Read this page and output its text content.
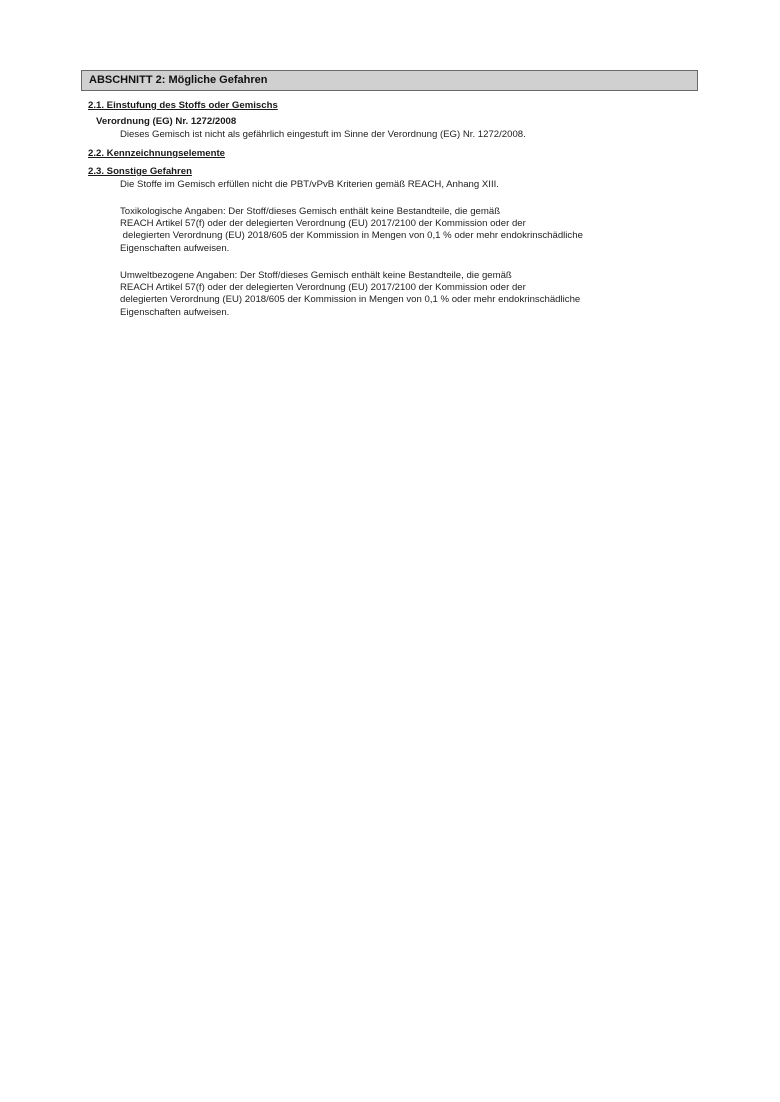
ABSCHNITT 2: Mögliche Gefahren
2.1. Einstufung des Stoffs oder Gemischs
Verordnung (EG) Nr. 1272/2008
Dieses Gemisch ist nicht als gefährlich eingestuft im Sinne der Verordnung (EG) Nr. 1272/2008.
2.2. Kennzeichnungselemente
2.3. Sonstige Gefahren
Die Stoffe im Gemisch erfüllen nicht die PBT/vPvB Kriterien gemäß REACH, Anhang XIII.
Toxikologische Angaben: Der Stoff/dieses Gemisch enthält keine Bestandteile, die gemäß
REACH Artikel 57(f) oder der delegierten Verordnung (EU) 2017/2100 der Kommission oder der
delegierten Verordnung (EU) 2018/605 der Kommission in Mengen von 0,1 % oder mehr endokrinschädliche
Eigenschaften aufweisen.
Umweltbezogene Angaben: Der Stoff/dieses Gemisch enthält keine Bestandteile, die gemäß
REACH Artikel 57(f) oder der delegierten Verordnung (EU) 2017/2100 der Kommission oder der
delegierten Verordnung (EU) 2018/605 der Kommission in Mengen von 0,1 % oder mehr endokrinschädliche
Eigenschaften aufweisen.
